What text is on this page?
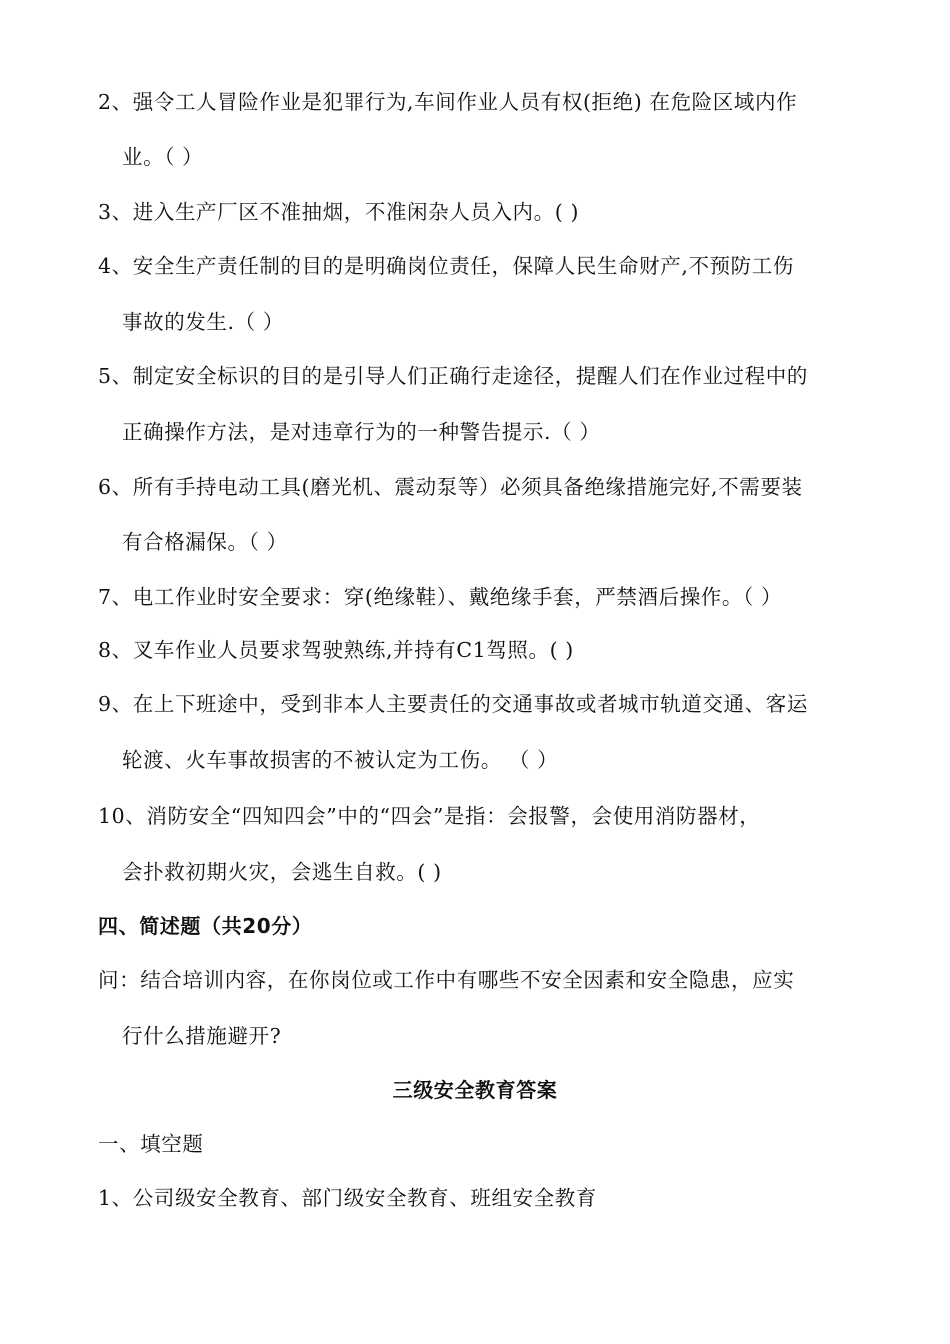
2、强令工人冒险作业是犯罪行为,车间作业人员有权(拒绝) 在危险区域内作
业。（ ）
3、进入生产厂区不准抽烟，不准闲杂人员入内。( )
4、安全生产责任制的目的是明确岗位责任，保障人民生命财产,不预防工伤
事故的发生.（ ）
5、制定安全标识的目的是引导人们正确行走途径，提醒人们在作业过程中的
正确操作方法，是对违章行为的一种警告提示.（ ）
6、所有手持电动工具(磨光机、震动泵等）必须具备绝缘措施完好,不需要装
有合格漏保。（ ）
7、电工作业时安全要求：穿(绝缘鞋）、戴绝缘手套，严禁酒后操作。（ ）
8、叉车作业人员要求驾驶熟练,并持有C1驾照。( )
9、在上下班途中，受到非本人主要责任的交通事故或者城市轨道交通、客运
轮渡、火车事故损害的不被认定为工伤。 （ ）
10、消防安全“四知四会”中的“四会”是指：会报警，会使用消防器材，
会扑救初期火灾，会逃生自救。( )
四、简述题（共20分）
问：结合培训内容，在你岗位或工作中有哪些不安全因素和安全隐患，应实
行什么措施避开?
三级安全教育答案
一、填空题
1、公司级安全教育、部门级安全教育、班组安全教育
